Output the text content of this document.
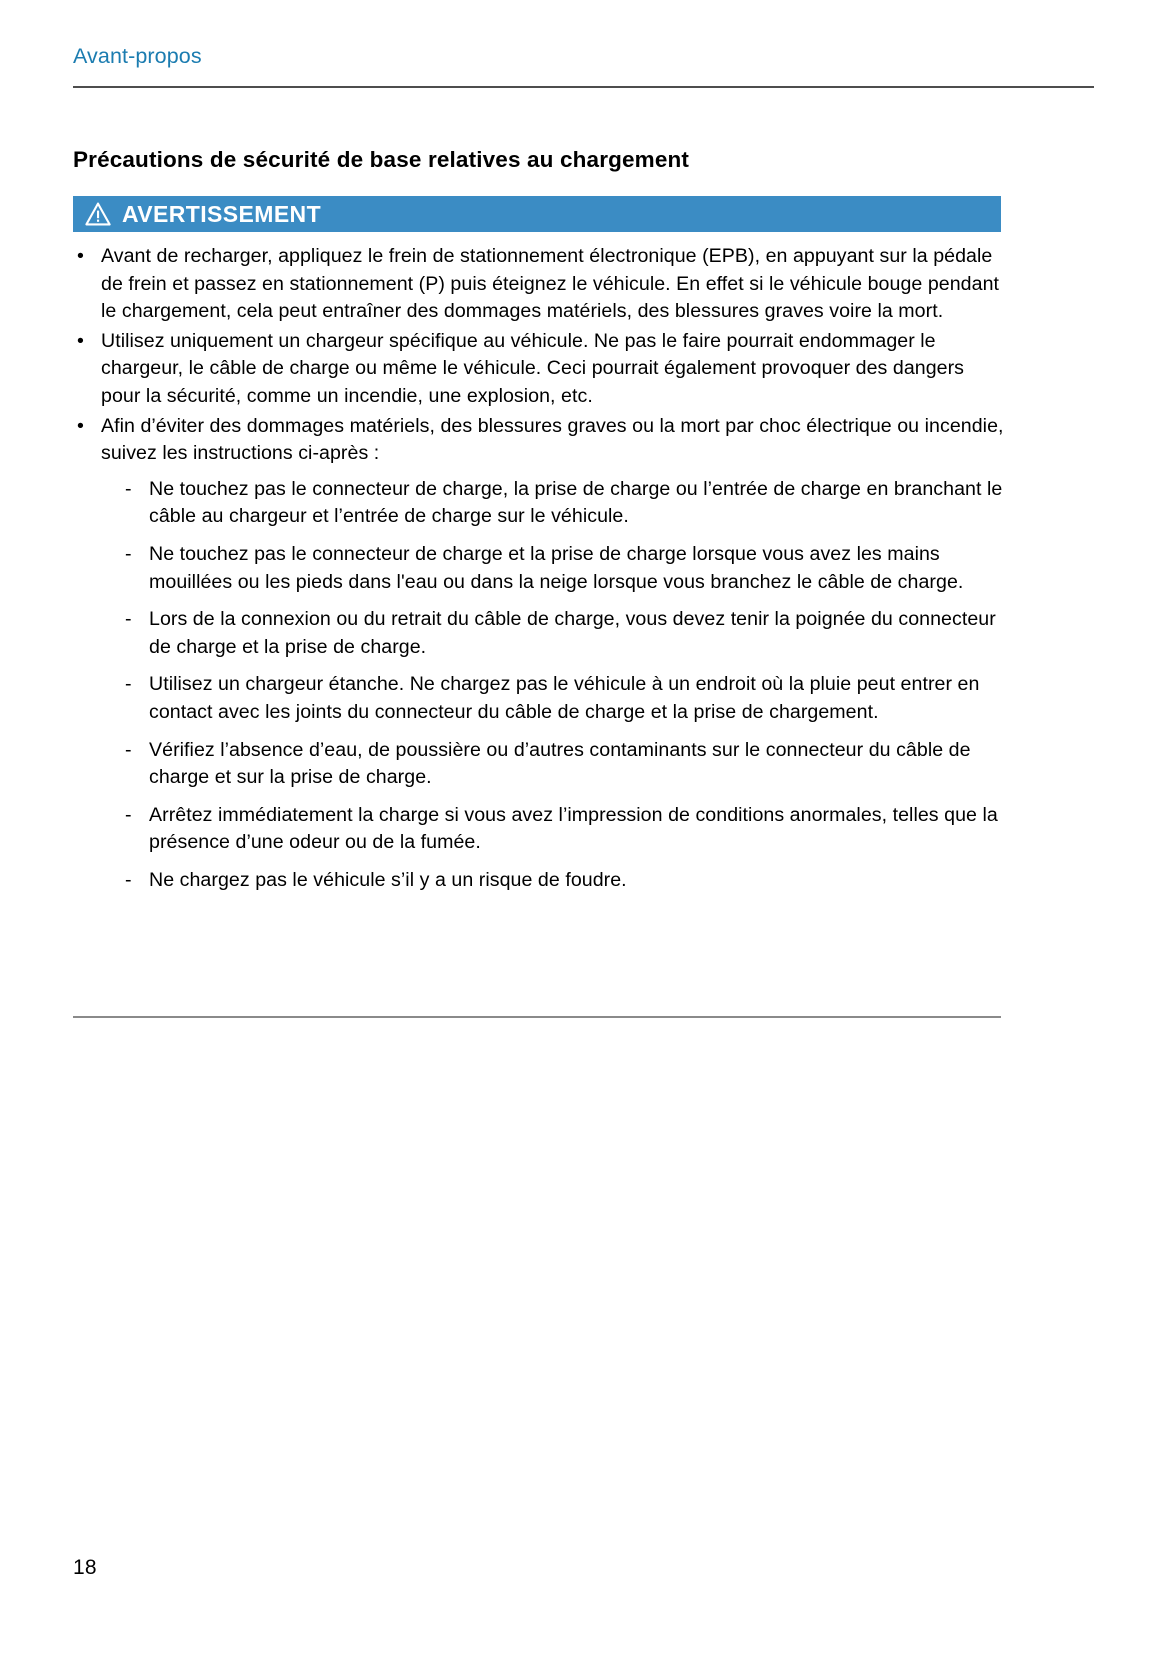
Avant-propos
Précautions de sécurité de base relatives au chargement
AVERTISSEMENT
• Avant de recharger, appliquez le frein de stationnement électronique (EPB), en appuyant sur la pédale de frein et passez en stationnement (P) puis éteignez le véhicule. En effet si le véhicule bouge pendant le chargement, cela peut entraîner des dommages matériels, des blessures graves voire la mort.
• Utilisez uniquement un chargeur spécifique au véhicule. Ne pas le faire pourrait endommager le chargeur, le câble de charge ou même le véhicule. Ceci pourrait également provoquer des dangers pour la sécurité, comme un incendie, une explosion, etc.
• Afin d’éviter des dommages matériels, des blessures graves ou la mort par choc électrique ou incendie, suivez les instructions ci-après :
- Ne touchez pas le connecteur de charge, la prise de charge ou l’entrée de charge en branchant le câble au chargeur et l’entrée de charge sur le véhicule.
- Ne touchez pas le connecteur de charge et la prise de charge lorsque vous avez les mains mouillées ou les pieds dans l'eau ou dans la neige lorsque vous branchez le câble de charge.
- Lors de la connexion ou du retrait du câble de charge, vous devez tenir la poignée du connecteur de charge et la prise de charge.
- Utilisez un chargeur étanche. Ne chargez pas le véhicule à un endroit où la pluie peut entrer en contact avec les joints du connecteur du câble de charge et la prise de chargement.
- Vérifiez l’absence d’eau, de poussière ou d’autres contaminants sur le connecteur du câble de charge et sur la prise de charge.
- Arrêtez immédiatement la charge si vous avez l’impression de conditions anormales, telles que la présence d’une odeur ou de la fumée.
- Ne chargez pas le véhicule s’il y a un risque de foudre.
18
